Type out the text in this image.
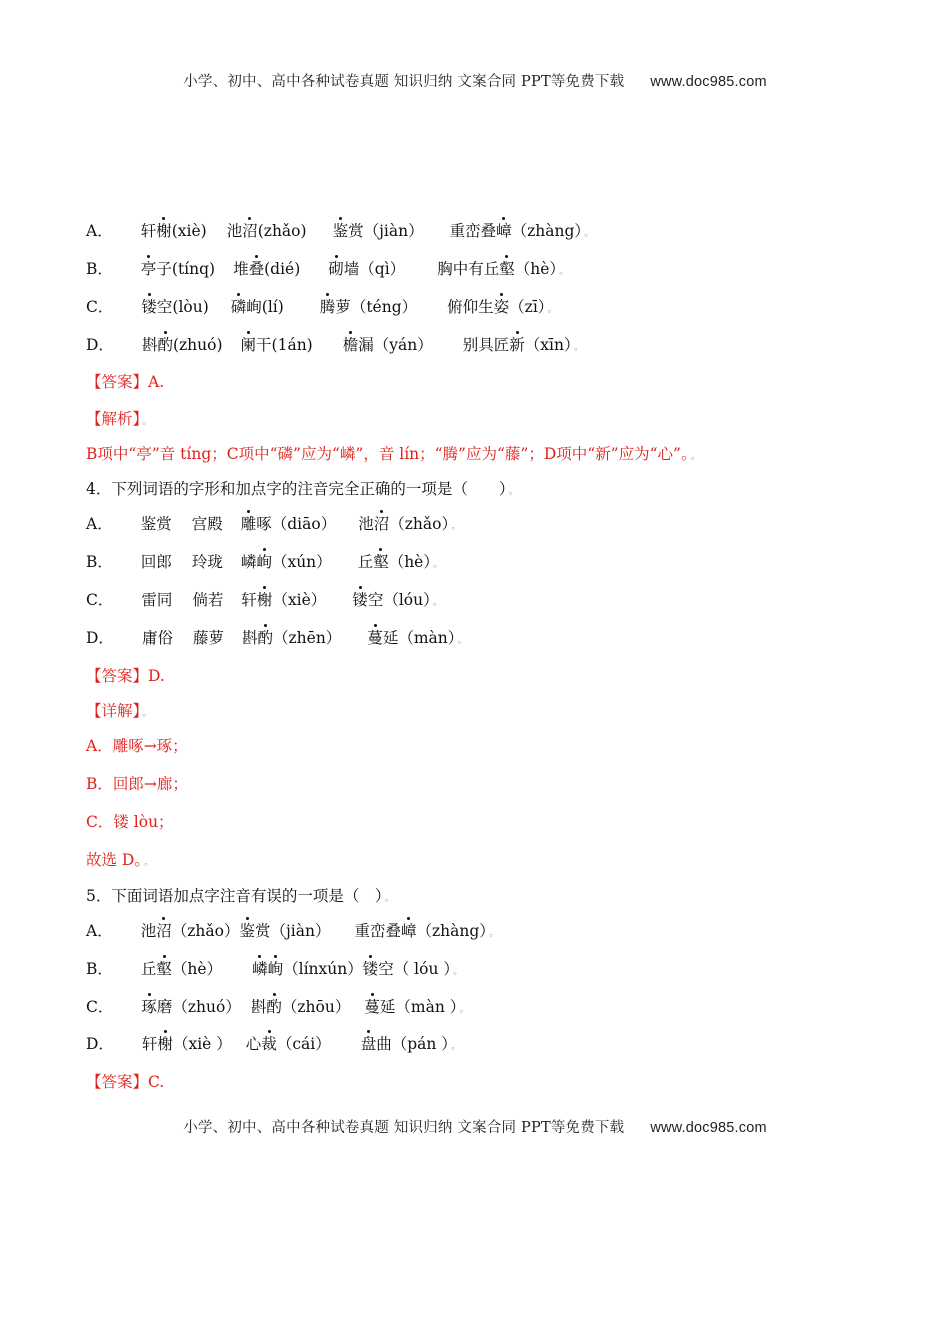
小学、初中、高中各种试卷真题 知识归纳 文案合同 PPT等免费下载 www.doc985.com
A． 轩榭(xiè) 池沼(zhǎo) 鉴赏（jiàn） 重峦叠嶂（zhàng） 。
B． 亭子(tínq) 堆叠(dié) 砌墙（qì） 胸中有丘壑（hè） 。
C． 镂空(lòu) 磷峋(lí) 腾萝（téng） 俯仰生姿（zī） 。
D． 斟酌(zhuó) 阑干(1án) 檐漏（yán） 别具匠新（xīn） 。
【答案】A.
【解析】 。
B项中“亭”音 tíng；C项中“磷”应为“嶙”，音 lín；“腾”应为“藤”；D项中“新”应为“心”。 。
4．下列词语的字形和加点字的注音完全正确的一项是（　　） 。
A． 鉴赏 宫殿 雕啄（diāo） 池沼（zhǎo） 。
B． 回郎 玲珑 嶙峋（xún） 丘壑（hè） 。
C． 雷同 倘若 轩榭（xiè） 镂空（lóu） 。
D． 庸俗 藤萝 斟酌（zhēn） 蔓延（màn） 。
【答案】D.
【详解】 。
A．雕啄→琢；
B．回郎→廊；
C．镂 lòu；
故选 D。 。
5．下面词语加点字注音有误的一项是（　） 。
A． 池沼（zhǎo）鉴赏（jiàn） 重峦叠嶂（zhàng） 。
B． 丘壑（hè） 嶙峋（línxún）镂空（ lóu ） 。
C． 琢磨（zhuó） 斟酌（zhōu） 蔓延（màn ） 。
D． 轩榭（xiè ） 心裁（cái） 盘曲（pán ） 。
【答案】C.
小学、初中、高中各种试卷真题 知识归纳 文案合同 PPT等免费下载 www.doc985.com
